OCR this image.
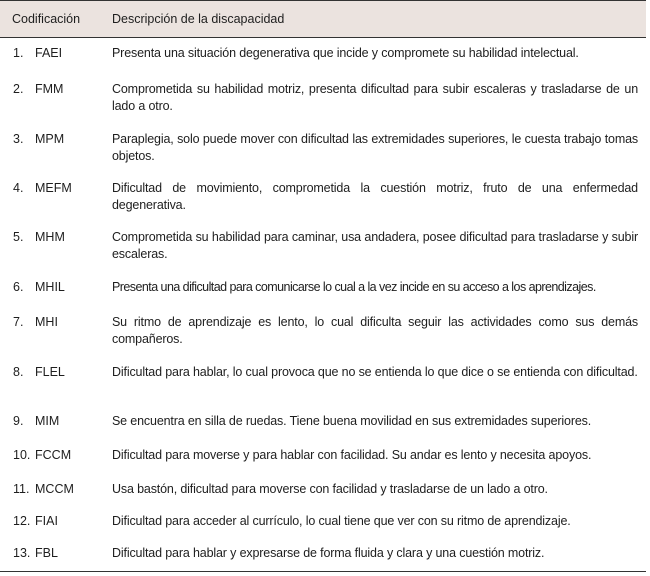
Codificación	Descripción de la discapacidad
1. FAEI	Presenta una situación degenerativa que incide y compromete su habilidad intelectual.
2. FMM	Comprometida su habilidad motriz, presenta dificultad para subir escaleras y trasladarse de un lado a otro.
3. MPM	Paraplegia, solo puede mover con dificultad las extremidades superiores, le cuesta trabajo tomas objetos.
4. MEFM	Dificultad de movimiento, comprometida la cuestión motriz, fruto de una enfermedad degenerativa.
5. MHM	Comprometida su habilidad para caminar, usa andadera, posee dificultad para trasladarse y subir escaleras.
6. MHIL	Presenta una dificultad para comunicarse lo cual a la vez incide en su acceso a los aprendizajes.
7. MHI	Su ritmo de aprendizaje es lento, lo cual dificulta seguir las actividades como sus demás compañeros.
8. FLEL	Dificultad para hablar, lo cual provoca que no se entienda lo que dice o se entienda con dificultad.
9. MIM	Se encuentra en silla de ruedas. Tiene buena movilidad en sus extremidades superiores.
10. FCCM	Dificultad para moverse y para hablar con facilidad. Su andar es lento y necesita apoyos.
11. MCCM	Usa bastón, dificultad para moverse con facilidad y trasladarse de un lado a otro.
12. FIAI	Dificultad para acceder al currículo, lo cual tiene que ver con su ritmo de aprendizaje.
13. FBL	Dificultad para hablar y expresarse de forma fluida y clara y una cuestión motriz.
